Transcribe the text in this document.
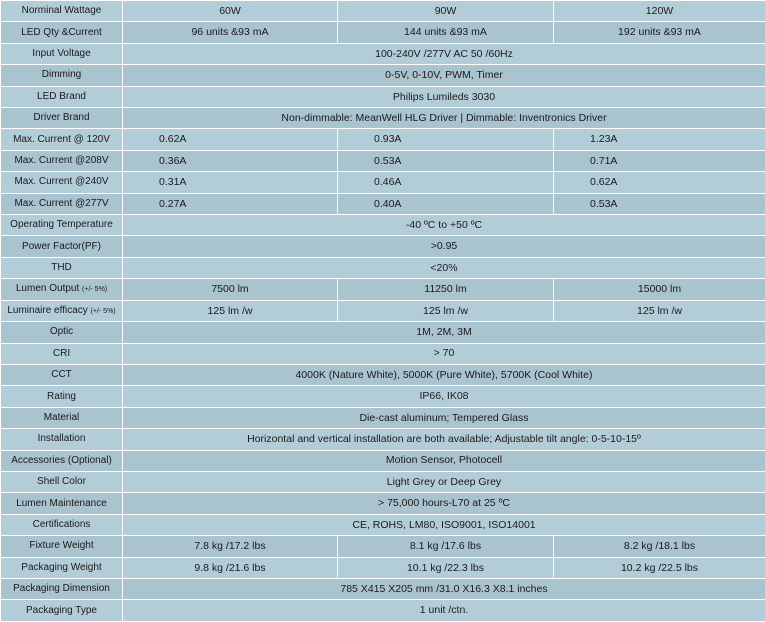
Norminal Wattage	60W	90W	120W
LED Qty &Current	96 units &93 mA	144 units &93 mA	192 units &93 mA
Input Voltage	100-240V /277V AC 50 /60Hz		
Dimming	0-5V, 0-10V, PWM, Timer		
LED Brand	Philips Lumileds 3030		
Driver Brand	Non-dimmable: MeanWell HLG Driver | Dimmable: Inventronics Driver		
Max. Current @ 120V	0.62A	0.93A	1.23A
Max. Current @208V	0.36A	0.53A	0.71A
Max. Current @240V	0.31A	0.46A	0.62A
Max. Current @277V	0.27A	0.40A	0.53A
Operating Temperature	-40 ºC to +50 ºC		
Power Factor(PF)	>0.95		
THD	<20%		
Lumen Output (+/- 5%)	7500 lm	11250 lm	15000 lm
Luminaire efficacy (+/- 5%)	125 lm /w	125 lm /w	125 lm /w
Optic	1M, 2M, 3M		
CRI	> 70		
CCT	4000K (Nature White), 5000K (Pure White), 5700K (Cool White)		
Rating	IP66, IK08		
Material	Die-cast aluminum; Tempered Glass		
Installation	Horizontal and vertical installation are both available; Adjustable tilt angle: 0-5-10-15º		
Accessories (Optional)	Motion Sensor, Photocell		
Shell Color	Light Grey or Deep Grey		
Lumen Maintenance	> 75,000 hours-L70 at 25 ºC		
Certifications	CE, ROHS, LM80, ISO9001, ISO14001		
Fixture Weight	7.8 kg /17.2 lbs	8.1 kg /17.6 lbs	8.2 kg /18.1 lbs
Packaging Weight	9.8 kg /21.6 lbs	10.1 kg /22.3 lbs	10.2 kg /22.5 lbs
Packaging Dimension	785 X415 X205 mm /31.0 X16.3 X8.1 inches		
Packaging Type	1 unit /ctn.		
